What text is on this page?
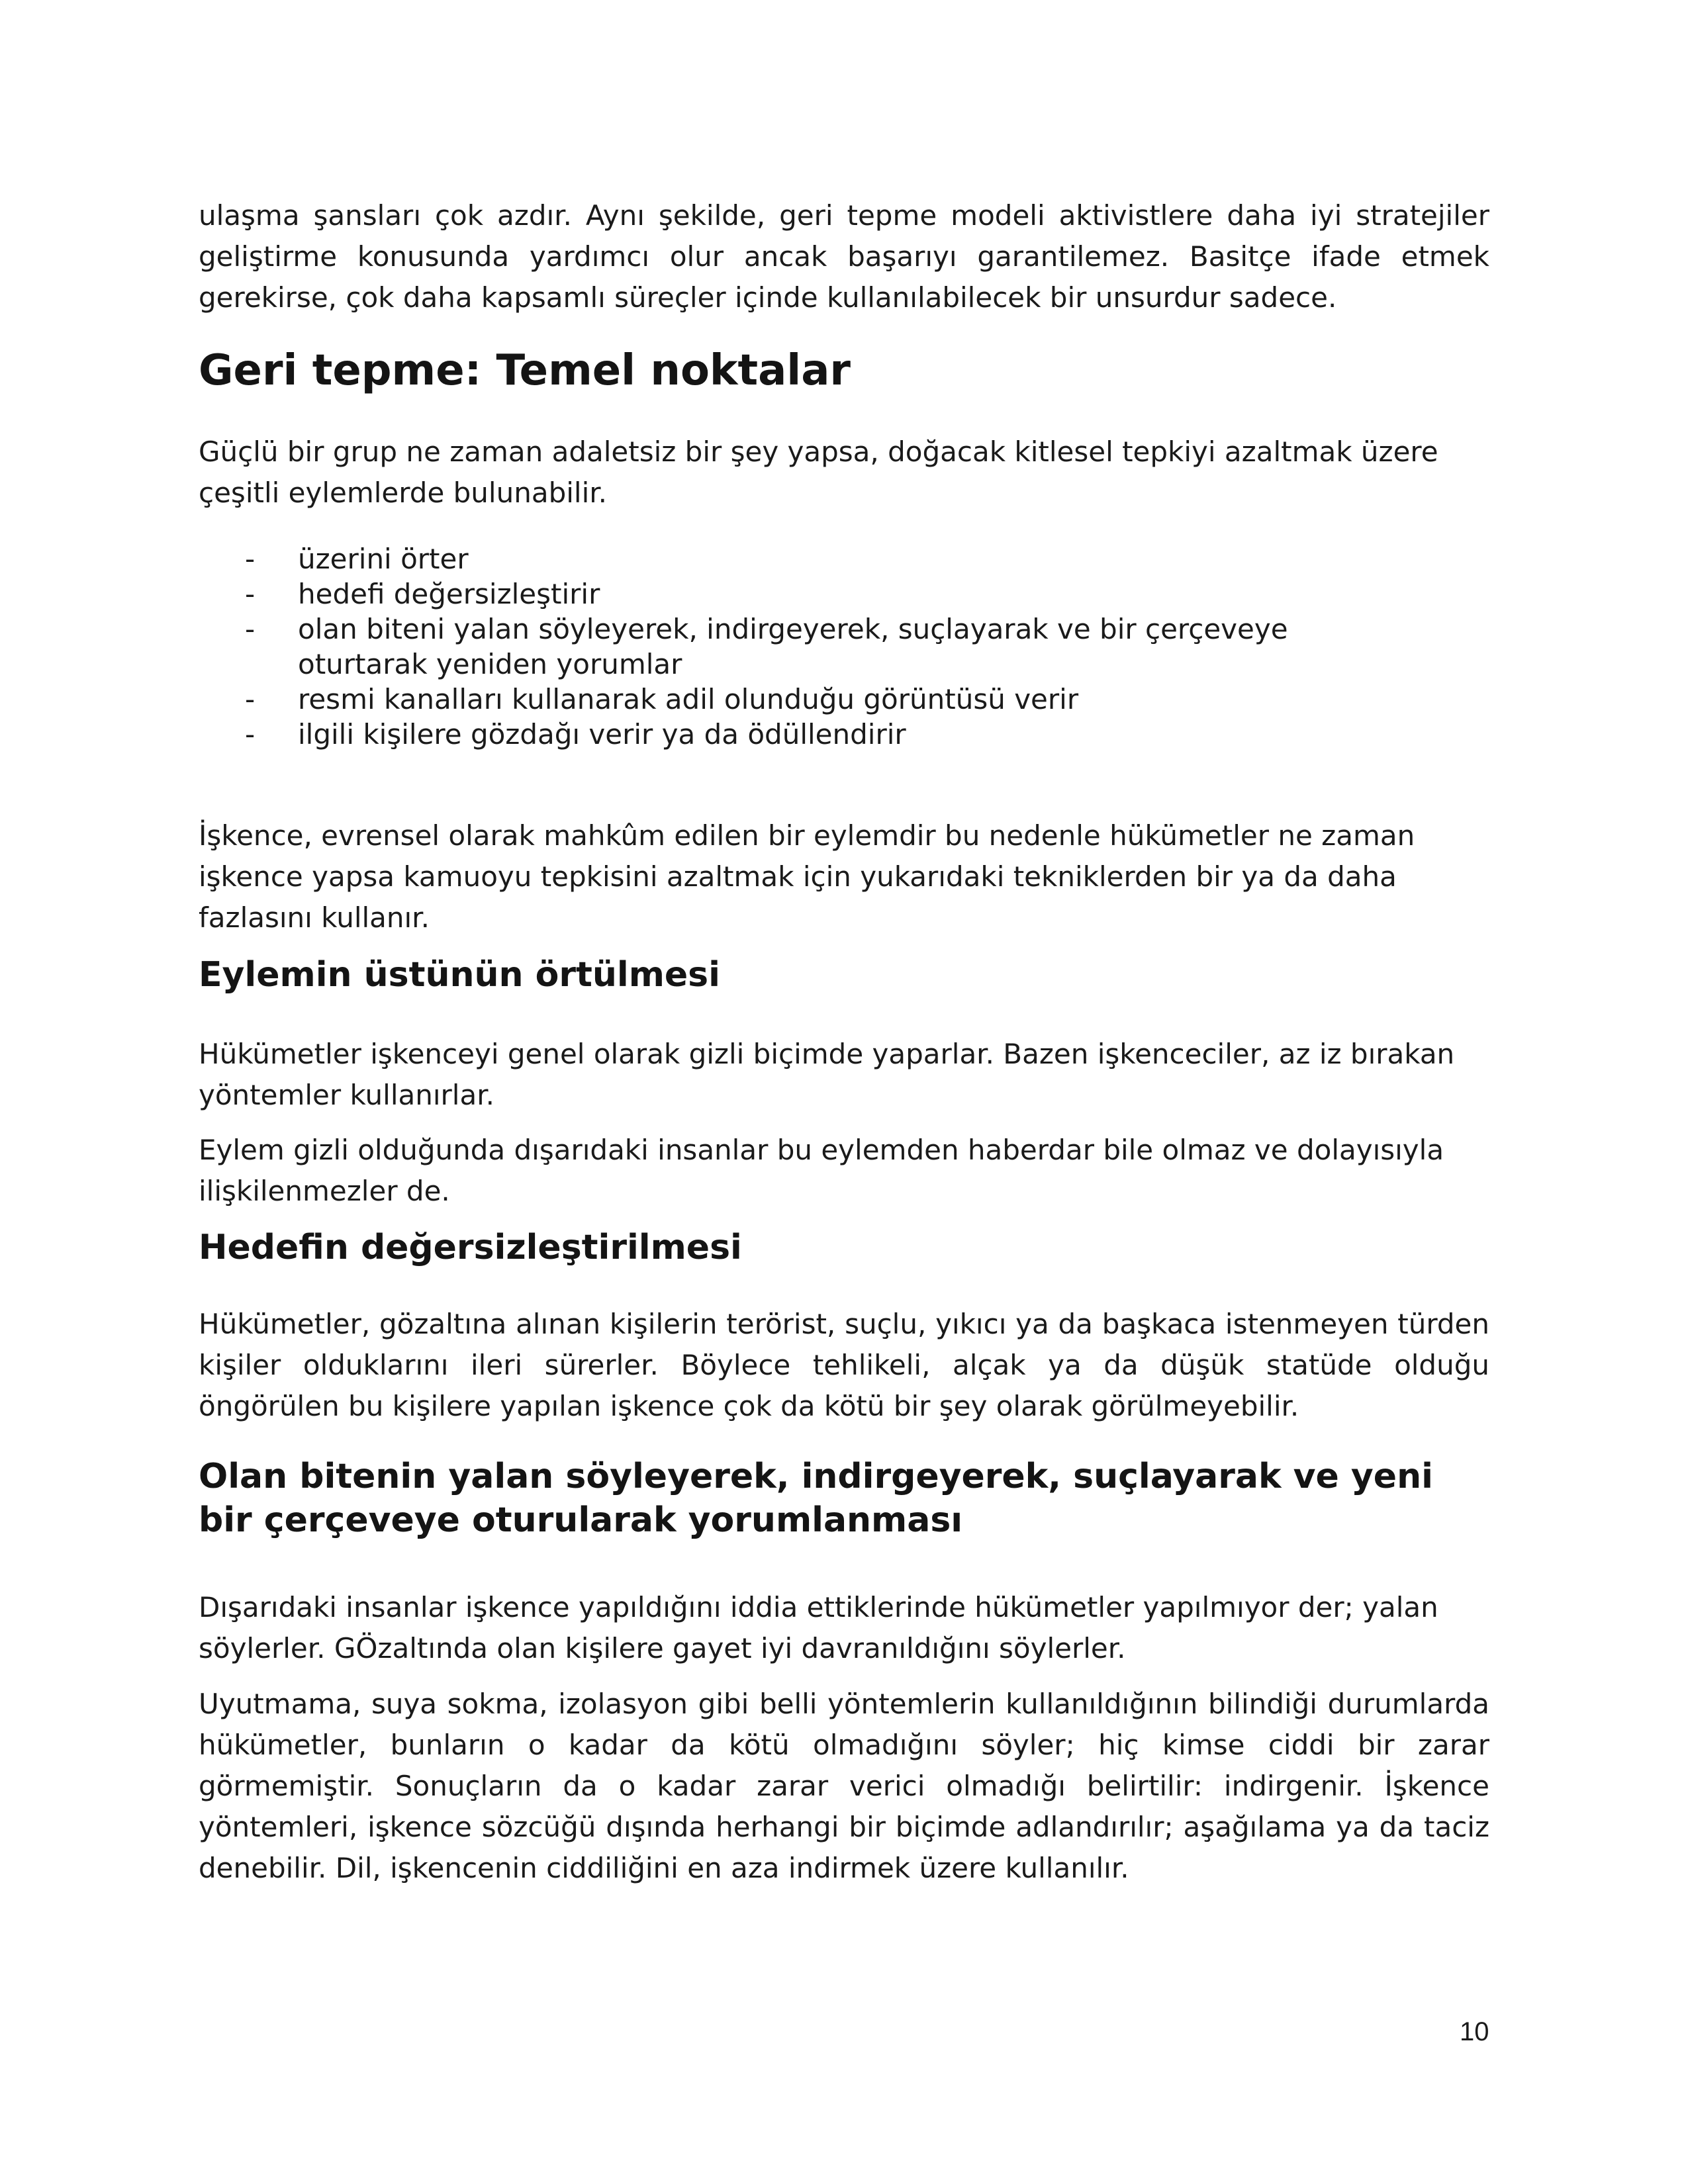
ulaşma şansları çok azdır. Aynı şekilde, geri tepme modeli aktivistlere daha iyi stratejiler geliştirme konusunda yardımcı olur ancak başarıyı garantilemez. Basitçe ifade etmek gerekirse, çok daha kapsamlı süreçler içinde kullanılabilecek bir unsurdur sadece.

Geri tepme: Temel noktalar

Güçlü bir grup ne zaman adaletsiz bir şey yapsa, doğacak kitlesel tepkiyi azaltmak üzere çeşitli eylemlerde bulunabilir.

- üzerini örter
- hedefi değersizleştirir
- olan biteni yalan söyleyerek, indirgeyerek, suçlayarak ve bir çerçeveye oturtarak yeniden yorumlar
- resmi kanalları kullanarak adil olunduğu görüntüsü verir
- ilgili kişilere gözdağı verir ya da ödüllendirir

İşkence, evrensel olarak mahkûm edilen bir eylemdir bu nedenle hükümetler ne zaman işkence yapsa kamuoyu tepkisini azaltmak için yukarıdaki tekniklerden bir ya da daha fazlasını kullanır.

Eylemin üstünün örtülmesi

Hükümetler işkenceyi genel olarak gizli biçimde yaparlar. Bazen işkenceciler, az iz bırakan yöntemler kullanırlar.

Eylem gizli olduğunda dışarıdaki insanlar bu eylemden haberdar bile olmaz ve dolayısıyla ilişkilenmezler de.

Hedefin değersizleştirilmesi

Hükümetler, gözaltına alınan kişilerin terörist, suçlu, yıkıcı ya da başkaca istenmeyen türden kişiler olduklarını ileri sürerler. Böylece tehlikeli, alçak ya da düşük statüde olduğu öngörülen bu kişilere yapılan işkence çok da kötü bir şey olarak görülmeyebilir.

Olan bitenin yalan söyleyerek, indirgeyerek, suçlayarak ve yeni bir çerçeveye oturularak yorumlanması

Dışarıdaki insanlar işkence yapıldığını iddia ettiklerinde hükümetler yapılmıyor der; yalan söylerler. GÖzaltında olan kişilere gayet iyi davranıldığını söylerler.

Uyutmama, suya sokma, izolasyon gibi belli yöntemlerin kullanıldığının bilindiği durumlarda hükümetler, bunların o kadar da kötü olmadığını söyler; hiç kimse ciddi bir zarar görmemiştir. Sonuçların da o kadar zarar verici olmadığı belirtilir: indirgenir. İşkence yöntemleri, işkence sözcüğü dışında herhangi bir biçimde adlandırılır; aşağılama ya da taciz denebilir. Dil, işkencenin ciddiliğini en aza indirmek üzere kullanılır.

10
